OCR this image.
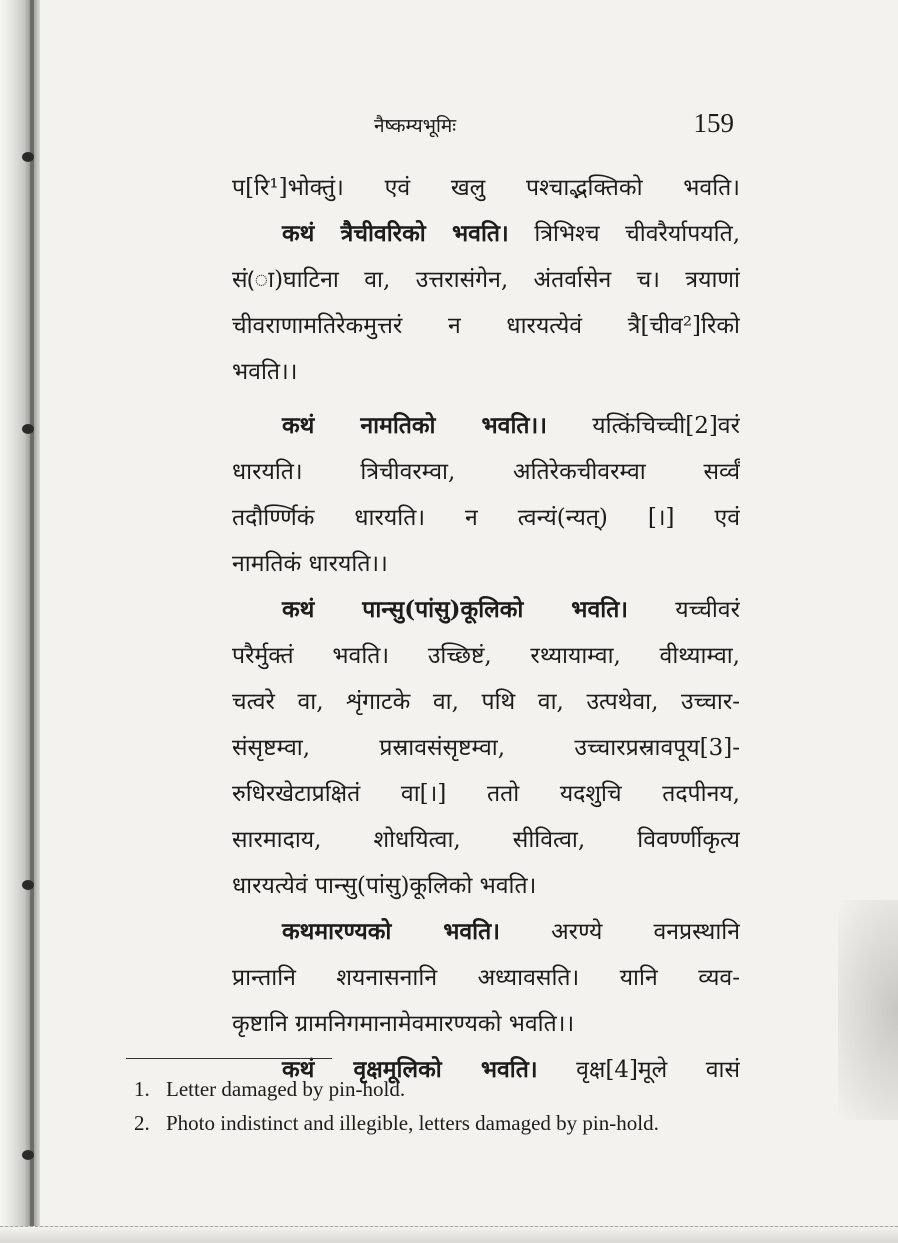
नैष्कम्यभूमिः	159
प[रि¹]भोक्तुं। एवं खलु पश्चाद्भक्तिको भवति।
कथं त्रैचीवरिको भवति। त्रिभिश्च चीवरैर्यापयति,
सं(ा)घाटिना वा, उत्तरासंगेन, अंतर्वासेन च। त्रयाणां
चीवराणामतिरेकमुत्तरं न धारयत्येवं त्रै[चीव²]रिको
भवति।।
कथं नामतिको भवति।। यत्किंचिच्ची[2]वरं
धारयति। त्रिचीवरम्वा, अतिरेकचीवरम्वा सर्व्वं
तदौर्ण्णिकं धारयति। न त्वन्यं(न्यत्) [।] एवं
नामतिकं धारयति।।
कथं पान्सु(पांसु)कूलिको भवति। यच्चीवरं
परैर्मुक्तं भवति। उच्छिष्टं, रथ्यायाम्वा, वीथ्याम्वा,
चत्वरे वा, शृंगाटके वा, पथि वा, उत्पथेवा, उच्चार-
संसृष्टम्वा, प्रस्रावसंसृष्टम्वा, उच्चारप्रस्रावपूय[3]-
रुधिरखेटाप्रक्षितं वा[।] ततो यदशुचि तदपीनय,
सारमादाय, शोधयित्वा, सीवित्वा, विवर्ण्णीकृत्य
धारयत्येवं पान्सु(पांसु)कूलिको भवति।
कथमारण्यको भवति। अरण्ये वनप्रस्थानि
प्रान्तानि शयनासनानि अध्यावसति। यानि व्यव-
कृष्टानि ग्रामनिगमानामेवमारण्यको भवति।।
कथं वृक्षमूलिको भवति। वृक्ष[4]मूले वासं
1. Letter damaged by pin-hold.
2. Photo indistinct and illegible, letters damaged by pin-hold.
